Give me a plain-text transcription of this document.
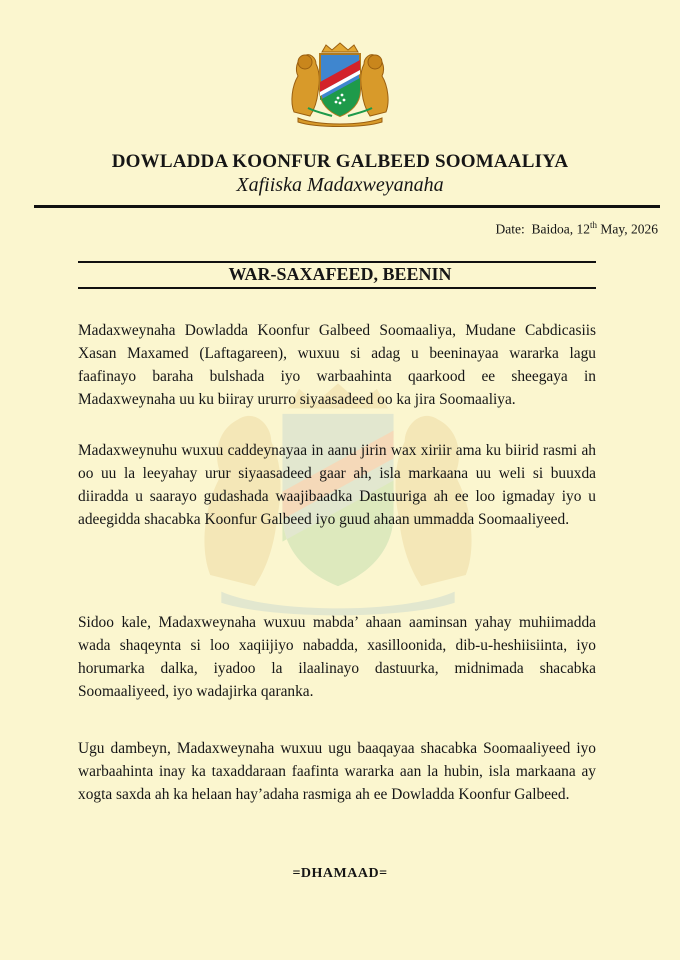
DOWLADDA KOONFUR GALBEED SOOMAALIYA
Xafiiska Madaxweyanaha
Date: Baidoa, 12th May, 2026
WAR-SAXAFEED, BEENIN

Madaxweynaha Dowladda Koonfur Galbeed Soomaaliya, Mudane Cabdicasiis Xasan Maxamed (Laftagareen), wuxuu si adag u beeninayaa wararka lagu faafinayo baraha bulshada iyo warbaahinta qaarkood ee sheegaya in Madaxweynaha uu ku biiray ururro siyaasadeed oo ka jira Soomaaliya.

Madaxweynuhu wuxuu caddeynayaa in aanu jirin wax xiriir ama ku biirid rasmi ah oo uu la leeyahay urur siyaasadeed gaar ah, isla markaana uu weli si buuxda diiradda u saarayo gudashada waajibaadka Dastuuriga ah ee loo igmaday iyo u adeegidda shacabka Koonfur Galbeed iyo guud ahaan ummadda Soomaaliyeed.

Sidoo kale, Madaxweynaha wuxuu mabda’ ahaan aaminsan yahay muhiimadda wada shaqeynta si loo xaqiijiyo nabadda, xasilloonida, dib-u-heshiisiinta, iyo horumarka dalka, iyadoo la ilaalinayo dastuurka, midnimada shacabka Soomaaliyeed, iyo wadajirka qaranka.

Ugu dambeyn, Madaxweynaha wuxuu ugu baaqayaa shacabka Soomaaliyeed iyo warbaahinta inay ka taxaddaraan faafinta wararka aan la hubin, isla markaana ay xogta saxda ah ka helaan hay’adaha rasmiga ah ee Dowladda Koonfur Galbeed.

=DHAMAAD=
